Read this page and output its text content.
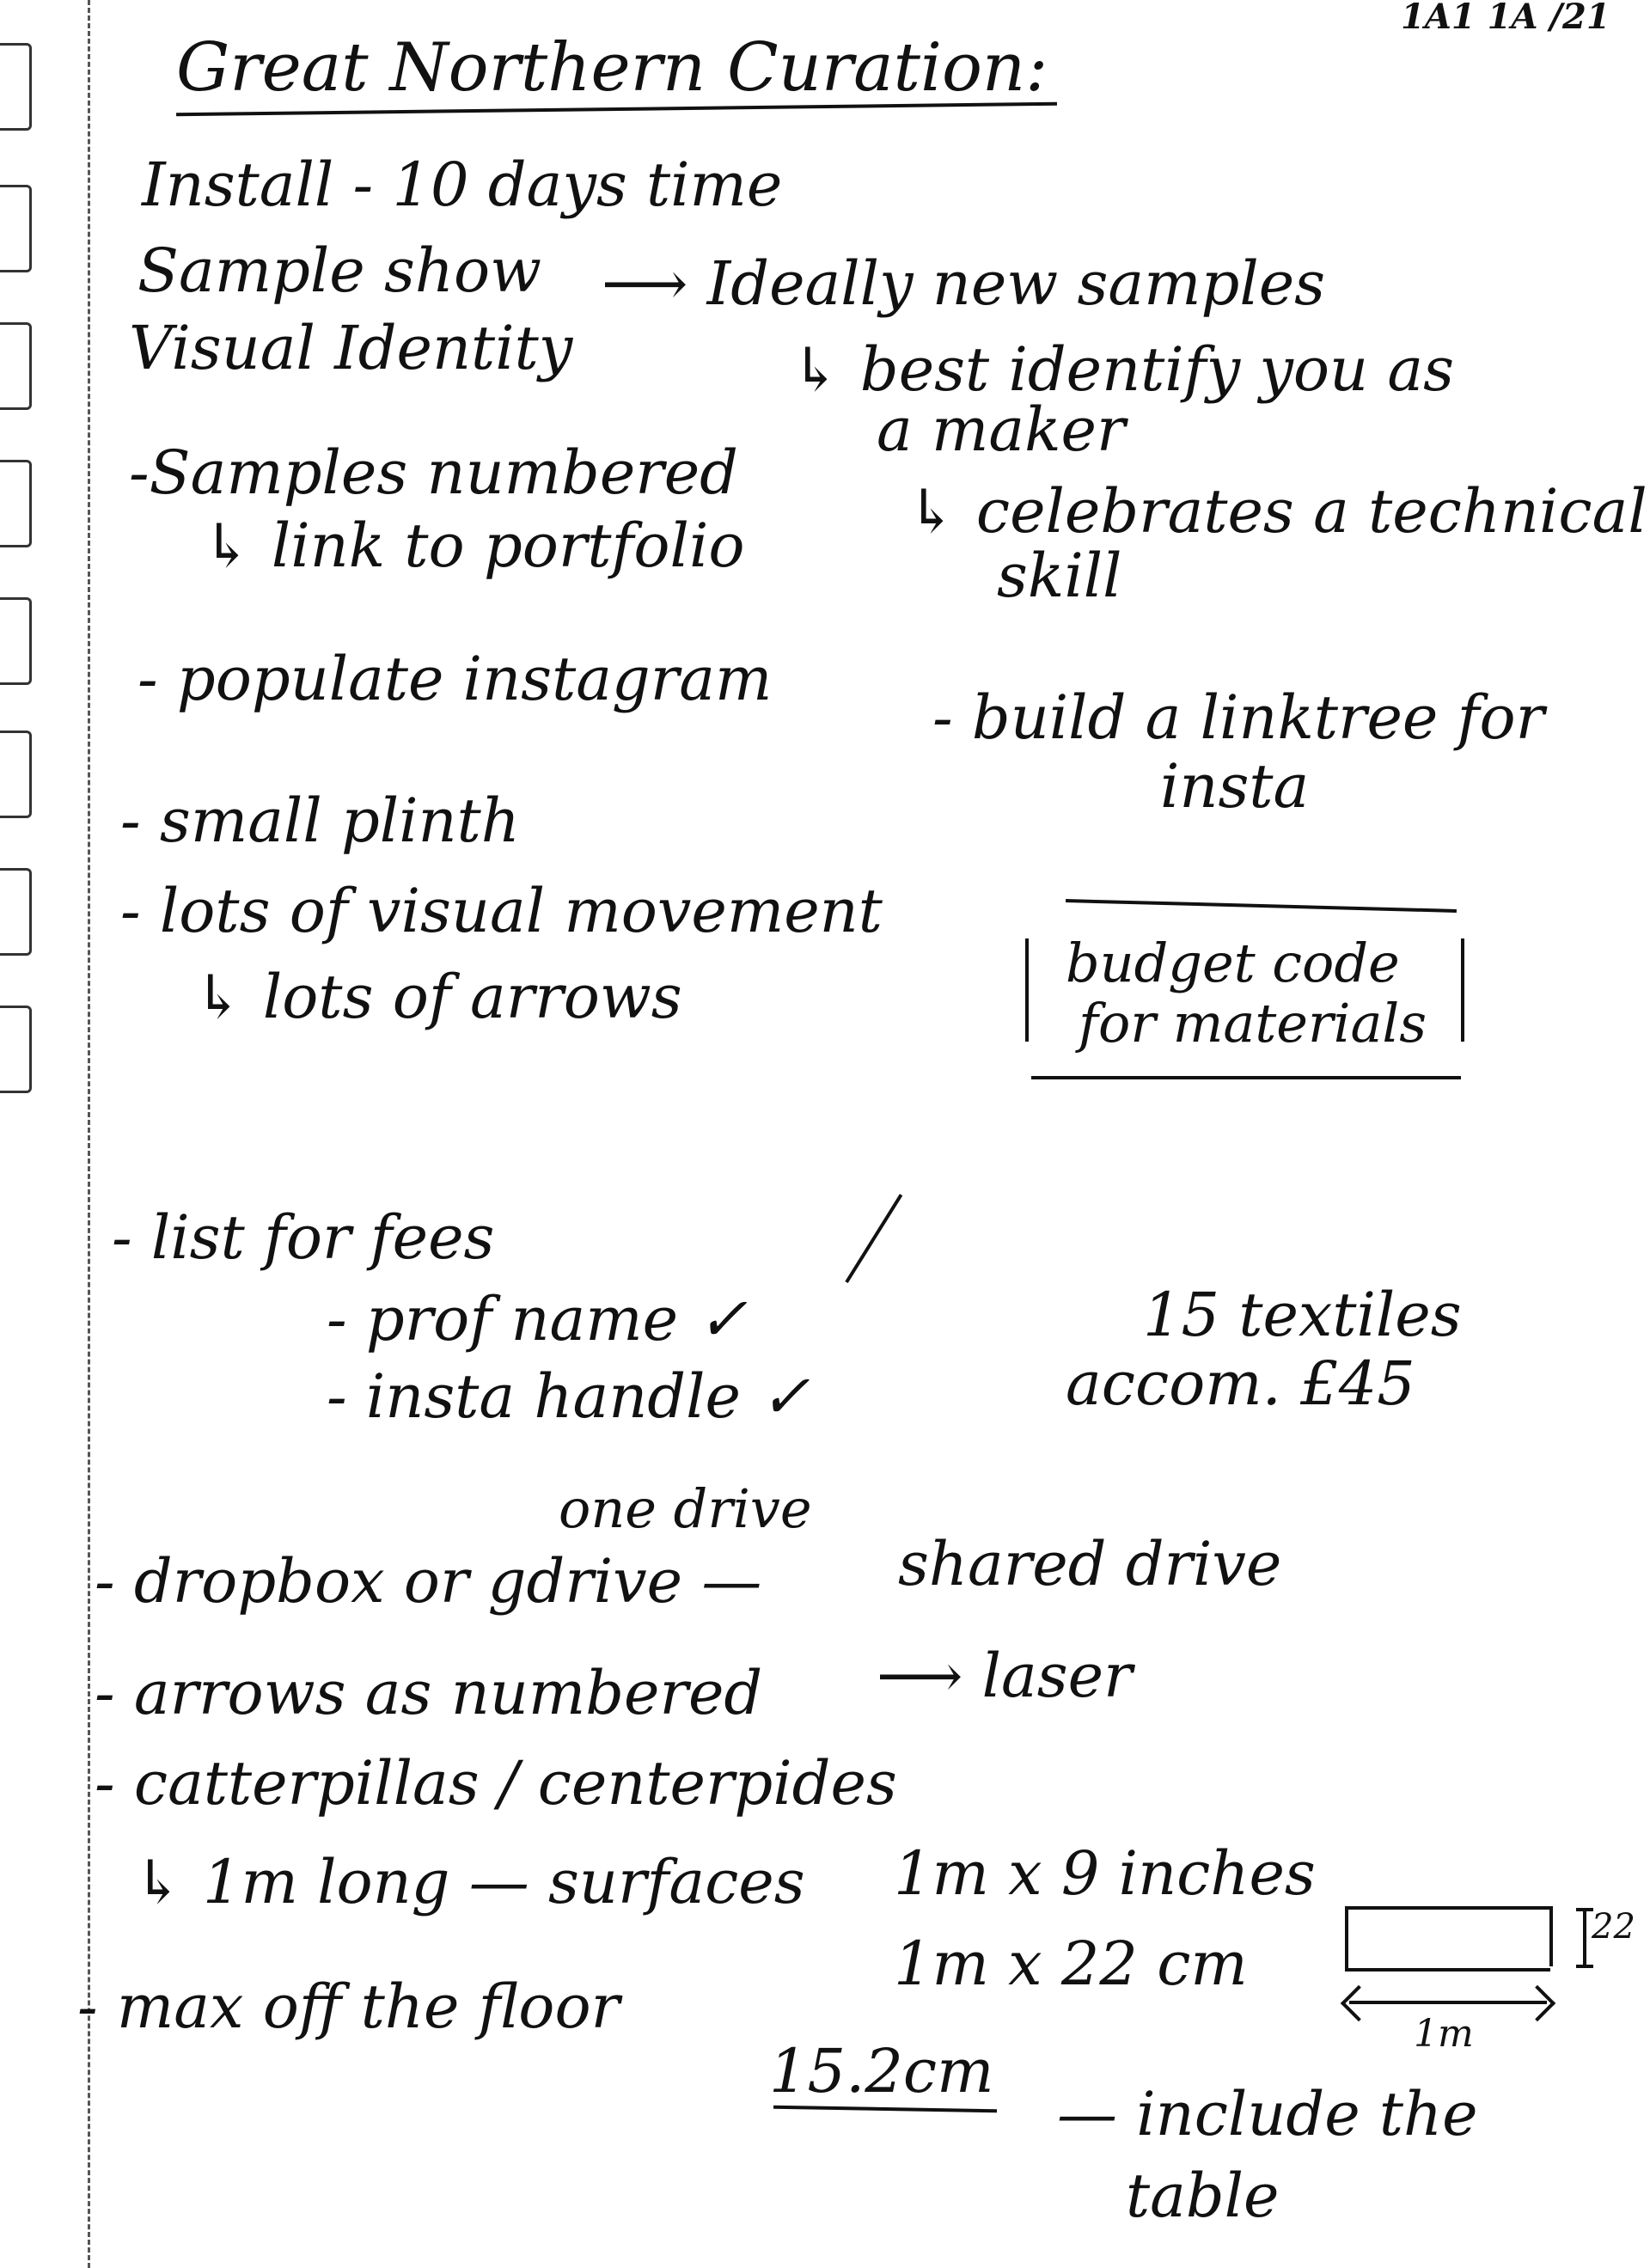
1A1 1A /21
Great Northern Curation:
Install - 10 days time
Sample show ⟶ Ideally new samples
Visual Identity	↳ best identify you as
a maker
-Samples numbered
↳ link to portfolio	↳ celebrates a technical
skill
- populate instagram
- build a linktree for
insta
- small plinth
- lots of visual movement
↳ lots of arrows	budget code
for materials
- list for fees
- prof name ✓
- insta handle ✓
15 textiles
accom. £45
one drive
- dropbox or gdrive — shared drive
- arrows as numbered ⟶ laser
- catterpillas / centerpides
↳ 1m long — surfaces 1m x 9 inches
1m x 22 cm
22
1m
- max off the floor
15.2cm
— include the
table
